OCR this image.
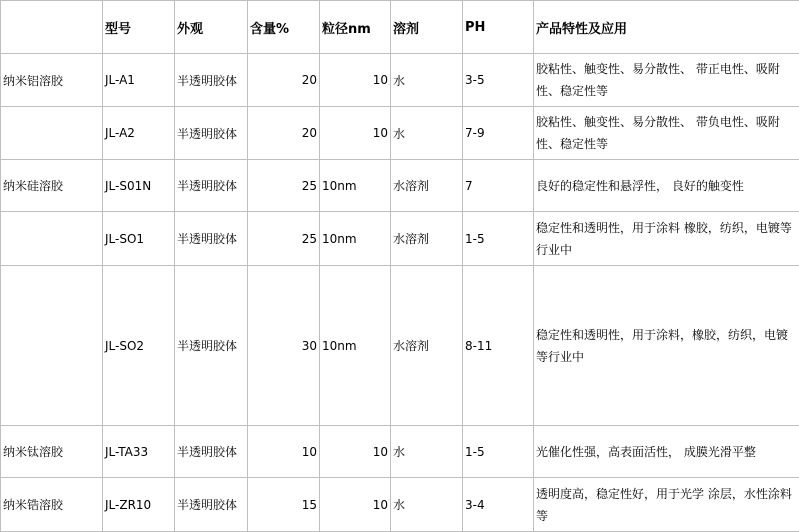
	型号	外观	含量%	粒径nm	溶剂	PH	产品特性及应用
纳米铝溶胶	JL-A1	半透明胶体	20	10	水	3-5	胶粘性、触变性、易分散性、 带正电性、吸附性、稳定性等
	JL-A2	半透明胶体	20	10	水	7-9	胶粘性、触变性、易分散性、 带负电性、吸附性、稳定性等
纳米硅溶胶	JL-S01N	半透明胶体	25	10nm	水溶剂	7	良好的稳定性和悬浮性， 良好的触变性
	JL-SO1	半透明胶体	25	10nm	水溶剂	1-5	稳定性和透明性，用于涂料 橡胶，纺织，电镀等行业中
	JL-SO2	半透明胶体	30	10nm	水溶剂	8-11	稳定性和透明性，用于涂料，橡胶，纺织，电镀等行业中
纳米钛溶胶	JL-TA33	半透明胶体	10	10	水	1-5	光催化性强，高表面活性， 成膜光滑平整
纳米锆溶胶	JL-ZR10	半透明胶体	15	10	水	3-4	透明度高，稳定性好，用于光学 涂层，水性涂料等
